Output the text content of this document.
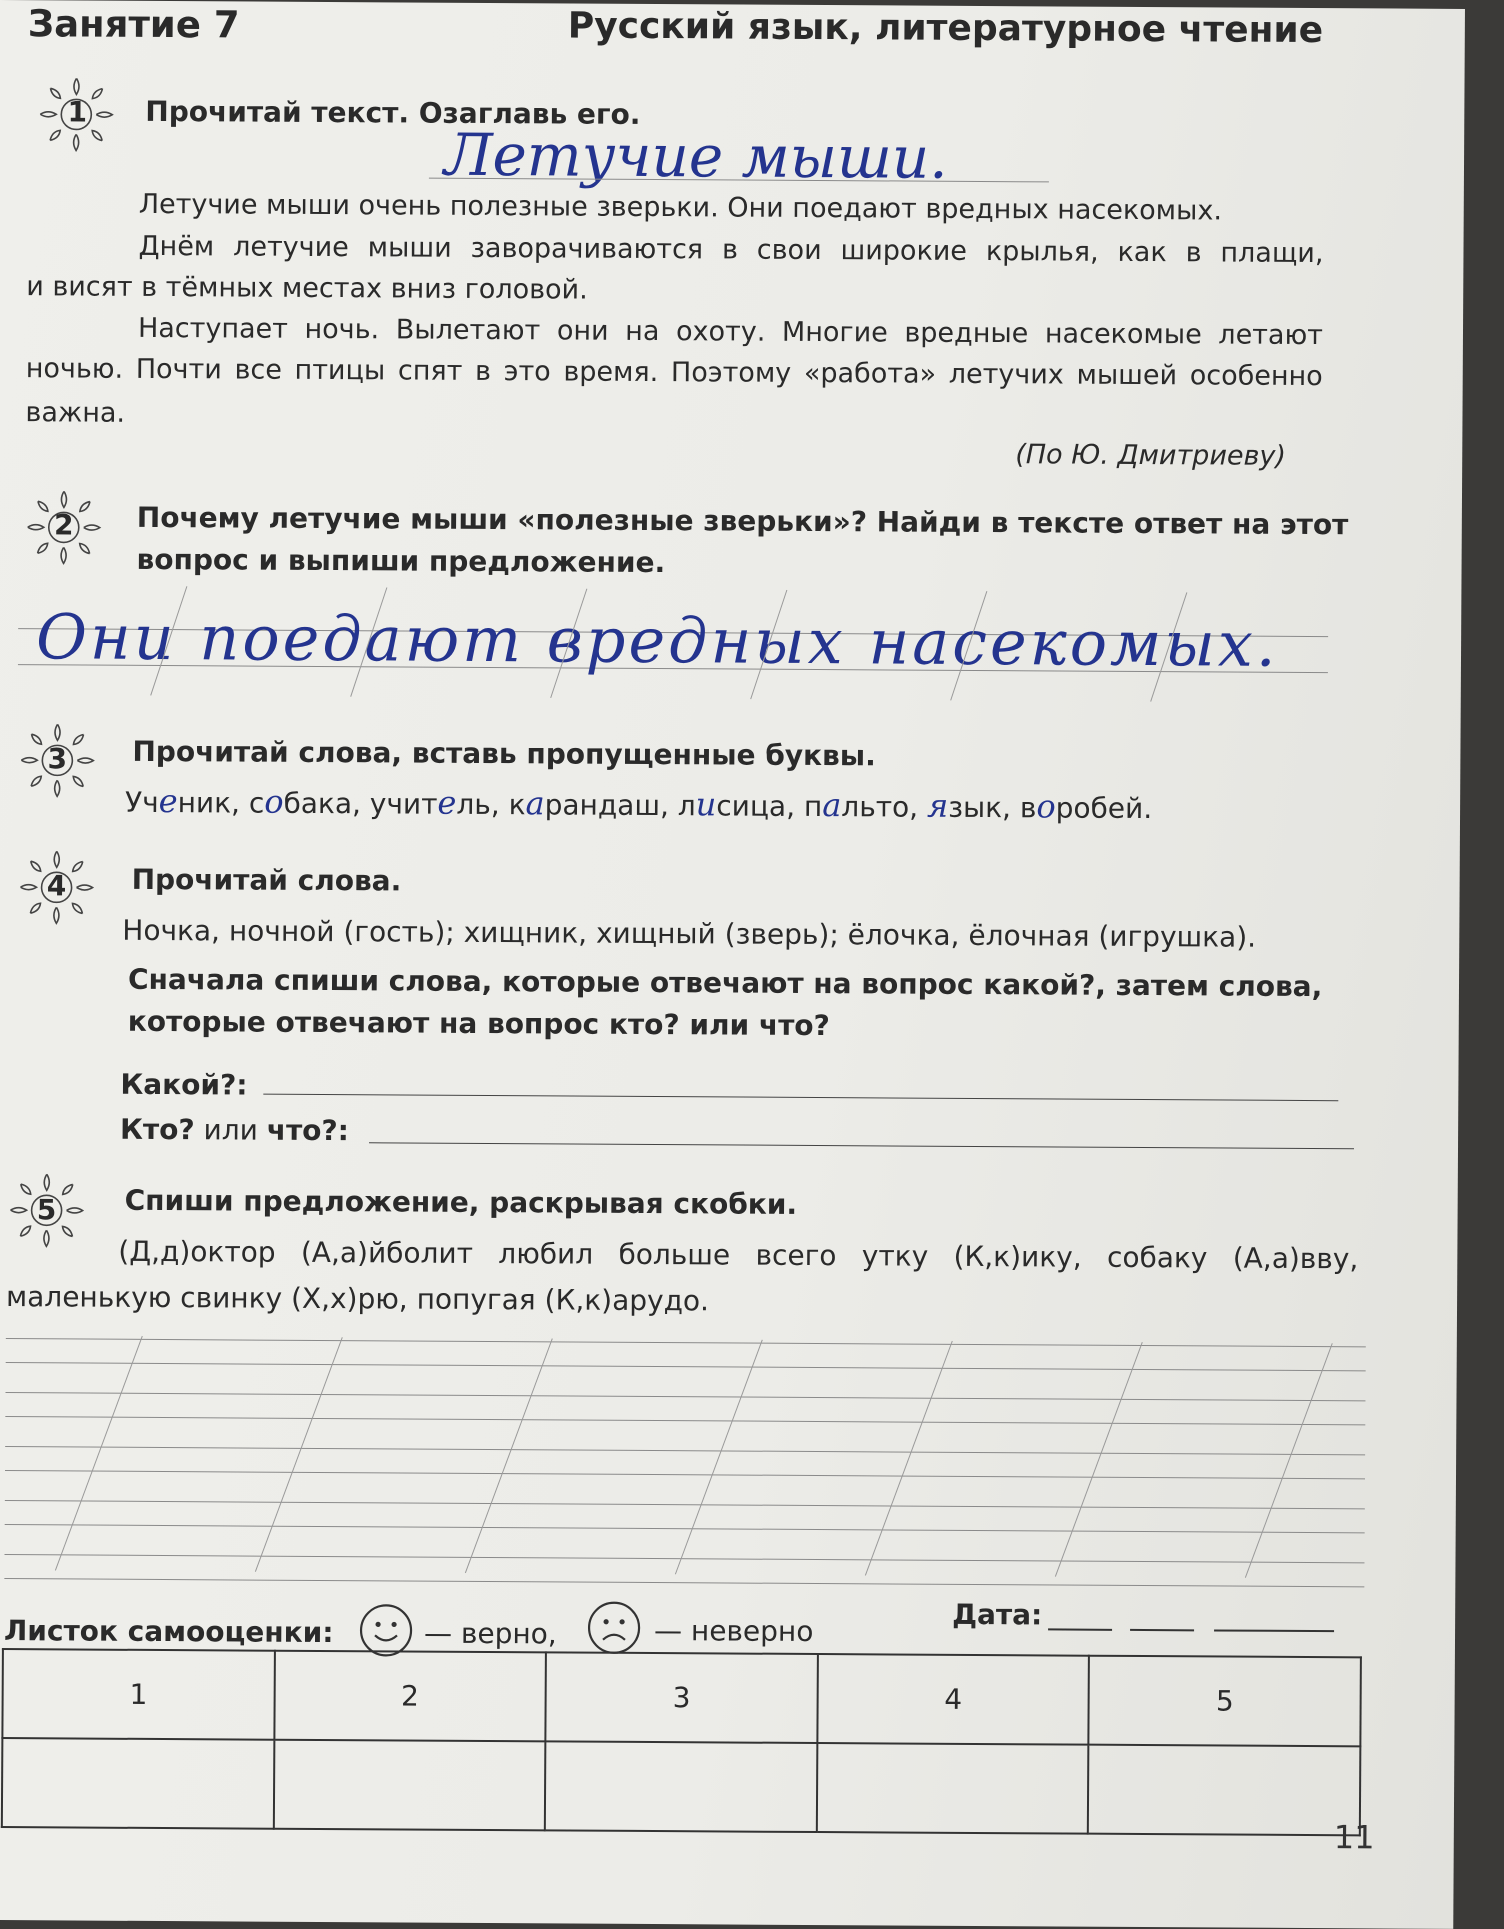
Занятие 7	Русский язык, литературное чтение
1 Прочитай текст. Озаглавь его.
Летучие мыши.
Летучие мыши очень полезные зверьки. Они поедают вредных насекомых.
Днём летучие мыши заворачиваются в свои широкие крылья, как в плащи,
и висят в тёмных местах вниз головой.
Наступает ночь. Вылетают они на охоту. Многие вредные насекомые летают
ночью. Почти все птицы спят в это время. Поэтому «работа» летучих мышей особенно
важна.
(По Ю. Дмитриеву)
2 Почему летучие мыши «полезные зверьки»? Найди в тексте ответ на этот
вопрос и выпиши предложение.
Они поедают вредных насекомых.
3 Прочитай слова, вставь пропущенные буквы.
Ученик, собака, учитель, карандаш, лисица, пальто, язык, воробей.
4 Прочитай слова.
Ночка, ночной (гость); хищник, хищный (зверь); ёлочка, ёлочная (игрушка).
Сначала спиши слова, которые отвечают на вопрос какой?, затем слова,
которые отвечают на вопрос кто? или что?
Какой?:
Кто? или что?:
5 Спиши предложение, раскрывая скобки.
(Д,д)октор (А,а)йболит любил больше всего утку (К,к)ику, собаку (А,а)вву,
маленькую свинку (Х,х)рю, попугая (К,к)арудо.
Листок самооценки:	— верно,	— неверно	Дата:
1	2	3	4	5

11
